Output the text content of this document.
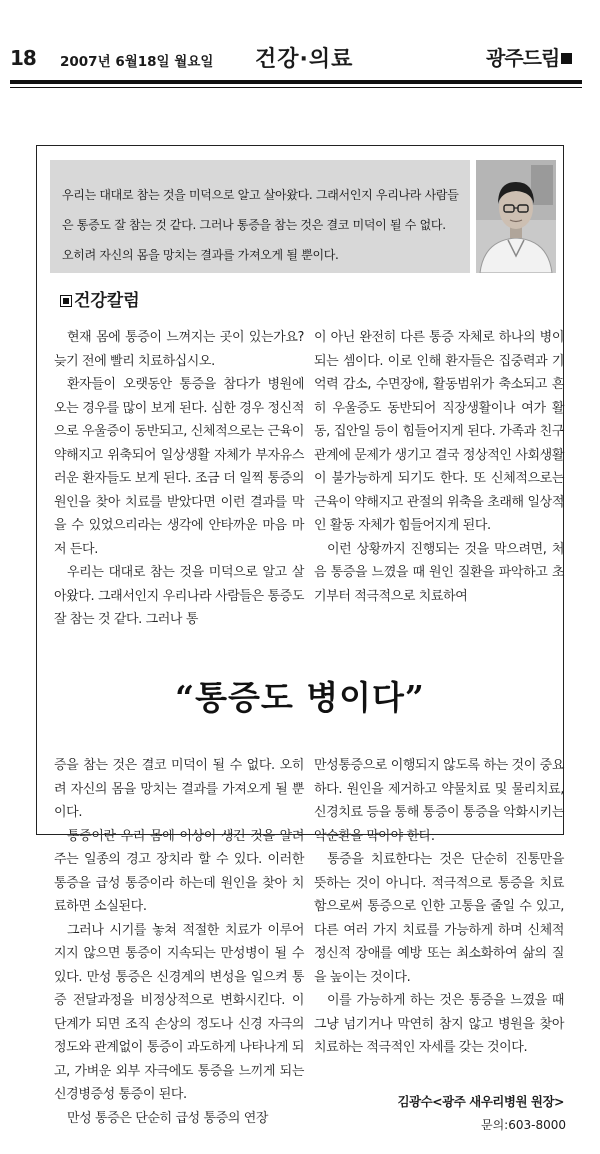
18 2007년 6월18일 월요일 건강·의료	광주드림
우리는 대대로 참는 것을 미덕으로 알고 살아왔다. 그래서인지 우리나라 사람들은 통증도 잘 참는 것 같다. 그러나 통증을 참는 것은 결코 미덕이 될 수 없다. 오히려 자신의 몸을 망치는 결과를 가져오게 될 뿐이다.
건강칼럼

현재 몸에 통증이 느껴지는 곳이 있는가요? 늦기 전에 빨리 치료하십시오.

환자들이 오랫동안 통증을 참다가 병원에 오는 경우를 많이 보게 된다. 심한 경우 정신적으로 우울증이 동반되고, 신체적으로는 근육이 약해지고 위축되어 일상생활 자체가 부자유스러운 환자들도 보게 된다. 조금 더 일찍 통증의 원인을 찾아 치료를 받았다면 이런 결과를 막을 수 있었으리라는 생각에 안타까운 마음 마저 든다.

우리는 대대로 참는 것을 미덕으로 알고 살아왔다. 그래서인지 우리나라 사람들은 통증도 잘 참는 것 같다. 그러나 통

이 아닌 완전히 다른 통증 자체로 하나의 병이 되는 셈이다. 이로 인해 환자들은 집중력과 기억력 감소, 수면장애, 활동범위가 축소되고 흔히 우울증도 동반되어 직장생활이나 여가 활동, 집안일 등이 힘들어지게 된다. 가족과 친구관계에 문제가 생기고 결국 정상적인 사회생활이 불가능하게 되기도 한다. 또 신체적으로는 근육이 약해지고 관절의 위축을 초래해 일상적인 활동 자체가 힘들어지게 된다.

이런 상황까지 진행되는 것을 막으려면, 처음 통증을 느꼈을 때 원인 질환을 파악하고 초기부터 적극적으로 치료하여

“통증도 병이다”

증을 참는 것은 결코 미덕이 될 수 없다. 오히려 자신의 몸을 망치는 결과를 가져오게 될 뿐이다.

통증이란 우리 몸에 이상이 생긴 것을 알려주는 일종의 경고 장치라 할 수 있다. 이러한 통증을 급성 통증이라 하는데 원인을 찾아 치료하면 소실된다.

그러나 시기를 놓쳐 적절한 치료가 이루어지지 않으면 통증이 지속되는 만성병이 될 수 있다. 만성 통증은 신경계의 변성을 일으켜 통증 전달과정을 비정상적으로 변화시킨다. 이 단계가 되면 조직 손상의 정도나 신경 자극의 정도와 관계없이 통증이 과도하게 나타나게 되고, 가벼운 외부 자극에도 통증을 느끼게 되는 신경병증성 통증이 된다.

만성 통증은 단순히 급성 통증의 연장

만성통증으로 이행되지 않도록 하는 것이 중요하다. 원인을 제거하고 약물치료 및 물리치료, 신경치료 등을 통해 통증이 통증을 악화시키는 악순환을 막아야 한다.

통증을 치료한다는 것은 단순히 진통만을 뜻하는 것이 아니다. 적극적으로 통증을 치료함으로써 통증으로 인한 고통을 줄일 수 있고, 다른 여러 가지 치료를 가능하게 하며 신체적 정신적 장애를 예방 또는 최소화하여 삶의 질을 높이는 것이다.

이를 가능하게 하는 것은 통증을 느꼈을 때 그냥 넘기거나 막연히 참지 않고 병원을 찾아 치료하는 적극적인 자세를 갖는 것이다.

김광수<광주 새우리병원 원장>
문의:603-8000
